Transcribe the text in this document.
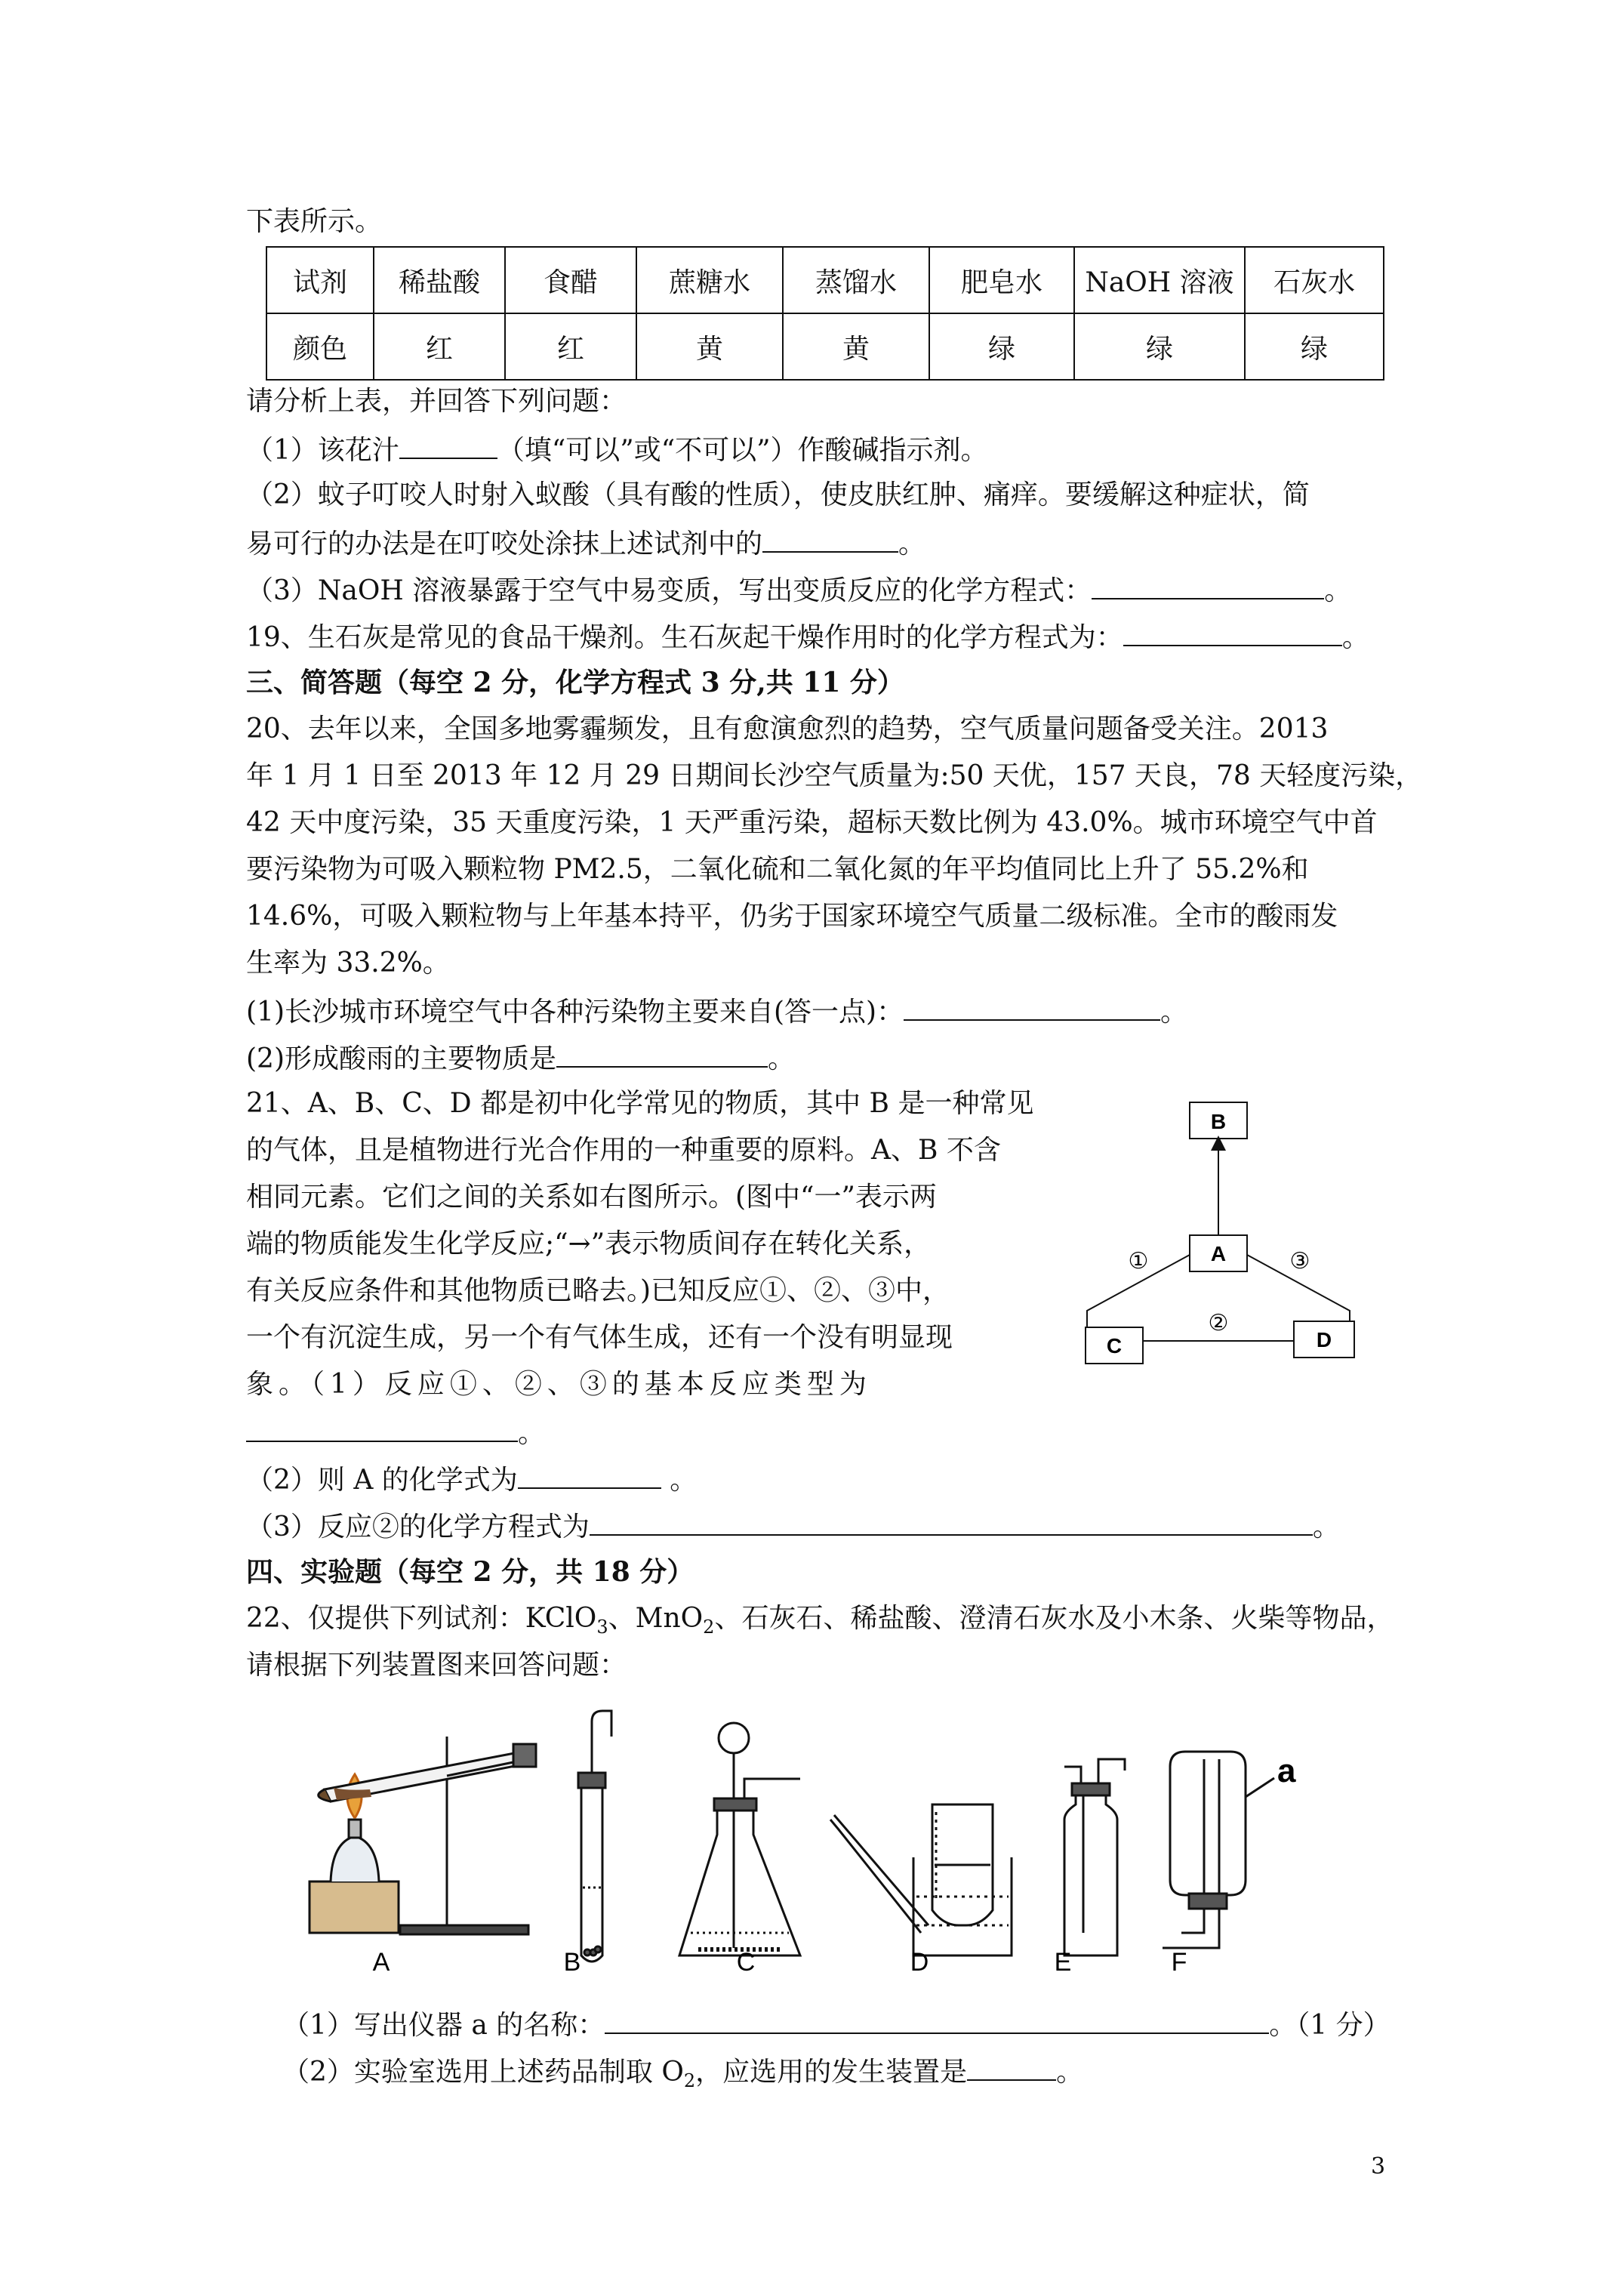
下表所示。
试剂	稀盐酸	食醋	蔗糖水	蒸馏水	肥皂水	NaOH 溶液	石灰水
颜色	红	红	黄	黄	绿	绿	绿
请分析上表，并回答下列问题：
（1）该花汁	（填“可以”或“不可以”）作酸碱指示剂。
（2）蚊子叮咬人时射入蚁酸（具有酸的性质），使皮肤红肿、痛痒。要缓解这种症状，简
易可行的办法是在叮咬处涂抹上述试剂中的	。
（3）NaOH 溶液暴露于空气中易变质，写出变质反应的化学方程式：	。
19、生石灰是常见的食品干燥剂。生石灰起干燥作用时的化学方程式为：	。
三、简答题（每空 2 分，化学方程式 3 分,共 11 分）
20、去年以来，全国多地雾霾频发，且有愈演愈烈的趋势，空气质量问题备受关注。2013
年 1 月 1 日至 2013 年 12 月 29 日期间长沙空气质量为:50 天优，157 天良，78 天轻度污染，
42 天中度污染，35 天重度污染，1 天严重污染，超标天数比例为 43.0%。城市环境空气中首
要污染物为可吸入颗粒物 PM2.5，二氧化硫和二氧化氮的年平均值同比上升了 55.2%和
14.6%，可吸入颗粒物与上年基本持平，仍劣于国家环境空气质量二级标准。全市的酸雨发
生率为 33.2%。
(1)长沙城市环境空气中各种污染物主要来自(答一点)：	。
(2)形成酸雨的主要物质是	。
21、A、B、C、D 都是初中化学常见的物质，其中 B 是一种常见
的气体，且是植物进行光合作用的一种重要的原料。A、B 不含
相同元素。它们之间的关系如右图所示。(图中“一”表示两
端的物质能发生化学反应;“→”表示物质间存在转化关系，
有关反应条件和其他物质已略去。)已知反应①、②、③中，
一个有沉淀生成，另一个有气体生成，还有一个没有明显现
象。（1）反应①、②、③的基本反应类型为
。
（2）则 A 的化学式为	。
（3）反应②的化学方程式为	。
B
A
C	D
①
②
③
四、实验题（每空 2 分，共 18 分）
22、仅提供下列试剂：KClO$_3$、MnO$_2$、石灰石、稀盐酸、澄清石灰水及小木条、火柴等物品，
请根据下列装置图来回答问题：
a
A	B	C	D	E	F
（1）写出仪器 a 的名称：	。（1 分）
（2）实验室选用上述药品制取 $O_2$，应选用的发生装置是	。
3
